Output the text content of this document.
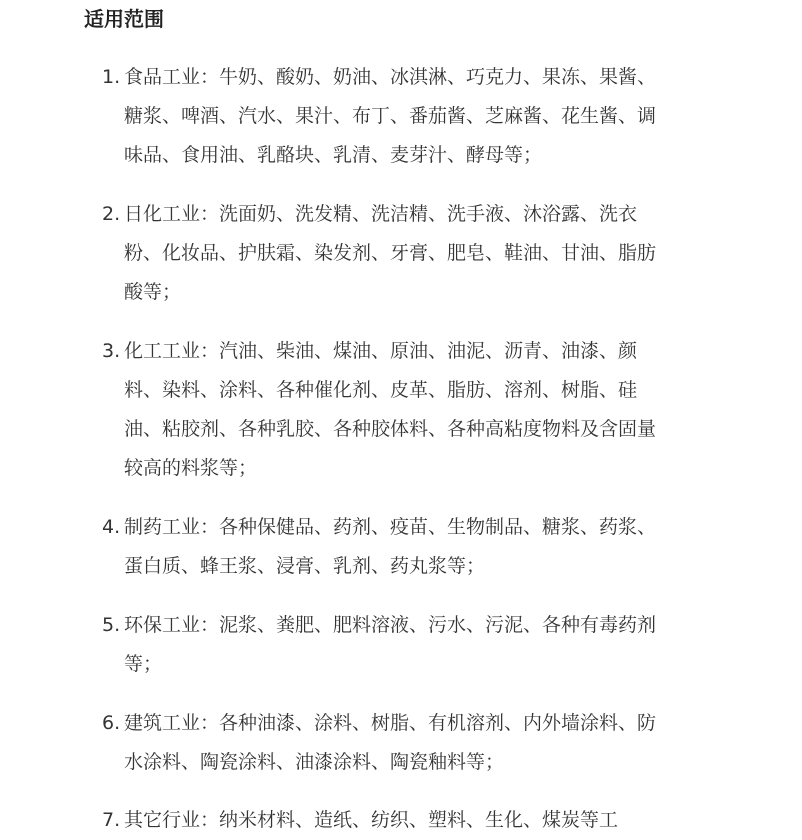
适用范围
1. 食品工业：牛奶、酸奶、奶油、冰淇淋、巧克力、果冻、果酱、糖浆、啤酒、汽水、果汁、布丁、番茄酱、芝麻酱、花生酱、调味品、食用油、乳酪块、乳清、麦芽汁、酵母等；
2. 日化工业：洗面奶、洗发精、洗洁精、洗手液、沐浴露、洗衣粉、化妆品、护肤霜、染发剂、牙膏、肥皂、鞋油、甘油、脂肪酸等；
3. 化工工业：汽油、柴油、煤油、原油、油泥、沥青、油漆、颜料、染料、涂料、各种催化剂、皮革、脂肪、溶剂、树脂、硅油、粘胶剂、各种乳胶、各种胶体料、各种高粘度物料及含固量较高的料浆等；
4. 制药工业：各种保健品、药剂、疫苗、生物制品、糖浆、药浆、蛋白质、蜂王浆、浸膏、乳剂、药丸浆等；
5. 环保工业：泥浆、粪肥、肥料溶液、污水、污泥、各种有毒药剂等；
6. 建筑工业：各种油漆、涂料、树脂、有机溶剂、内外墙涂料、防水涂料、陶瓷涂料、油漆涂料、陶瓷釉料等；
7. 其它行业：纳米材料、造纸、纺织、塑料、生化、煤炭等工
